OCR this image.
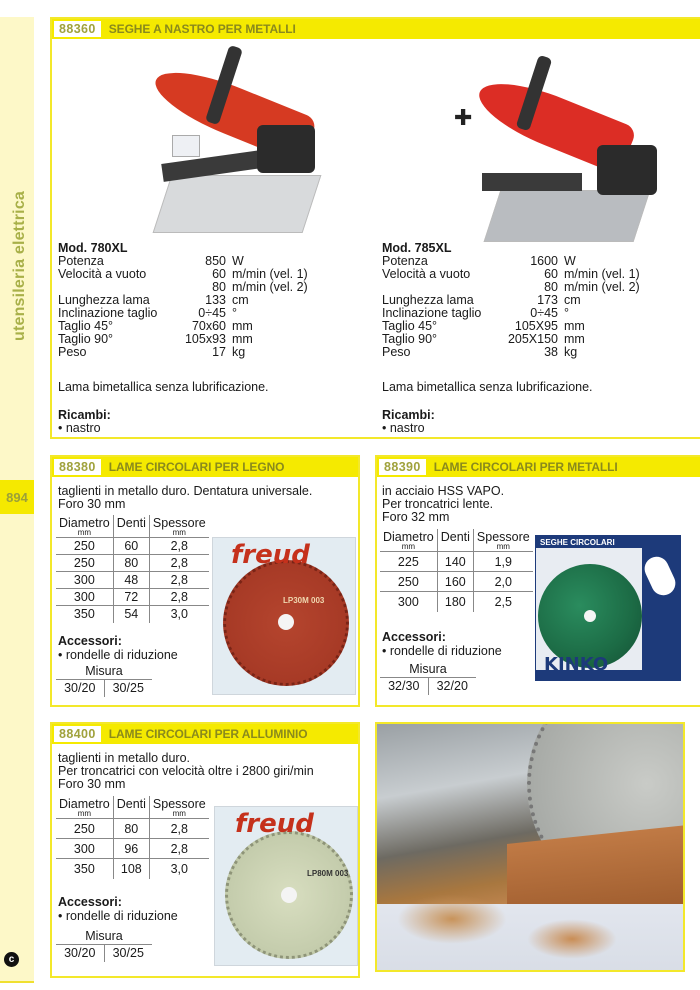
utensileria elettrica
894
c
88360	SEGHE A NASTRO PER METALLI
✚
Mod. 780XL
Potenza	850 W
Velocità a vuoto	60 m/min (vel. 1)
80 m/min (vel. 2)
Lunghezza lama	133 cm
Inclinazione taglio	0÷45 °
Taglio 45°	70x60 mm
Taglio 90°	105x93 mm
Peso	17 kg
Lama bimetallica senza lubrificazione.
Ricambi:
• nastro
Mod. 785XL
Potenza	1600 W
Velocità a vuoto	60 m/min (vel. 1)
80 m/min (vel. 2)
Lunghezza lama	173 cm
Inclinazione taglio	0÷45 °
Taglio 45°	105X95 mm
Taglio 90°	205X150 mm
Peso	38 kg
Lama bimetallica senza lubrificazione.
Ricambi:
• nastro
88380	LAME CIRCOLARI PER LEGNO
taglienti in metallo duro. Dentatura universale.
Foro 30 mm
Diametro
mm	Denti	Spessore
mm

250	60	2,8
250	80	2,8
300	48	2,8
300	72	2,8
350	54	3,0
Accessori:
• rondelle di riduzione
Misura
30/20	30/25
freud
LP30M 003
88390	LAME CIRCOLARI PER METALLI
in acciaio HSS VAPO.
Per troncatrici lente.
Foro 32 mm
Diametro
mm	Denti	Spessore
mm

225	140	1,9
250	160	2,0
300	180	2,5
Accessori:
• rondelle di riduzione
Misura
32/30	32/20
SEGHE CIRCOLARI
KINKO
88400	LAME CIRCOLARI PER ALLUMINIO
taglienti in metallo duro.
Per troncatrici con velocità oltre i 2800 giri/min
Foro 30 mm
Diametro
mm	Denti	Spessore
mm

250	80	2,8
300	96	2,8
350	108	3,0
Accessori:
• rondelle di riduzione
Misura
30/20	30/25
freud
LP80M 003
